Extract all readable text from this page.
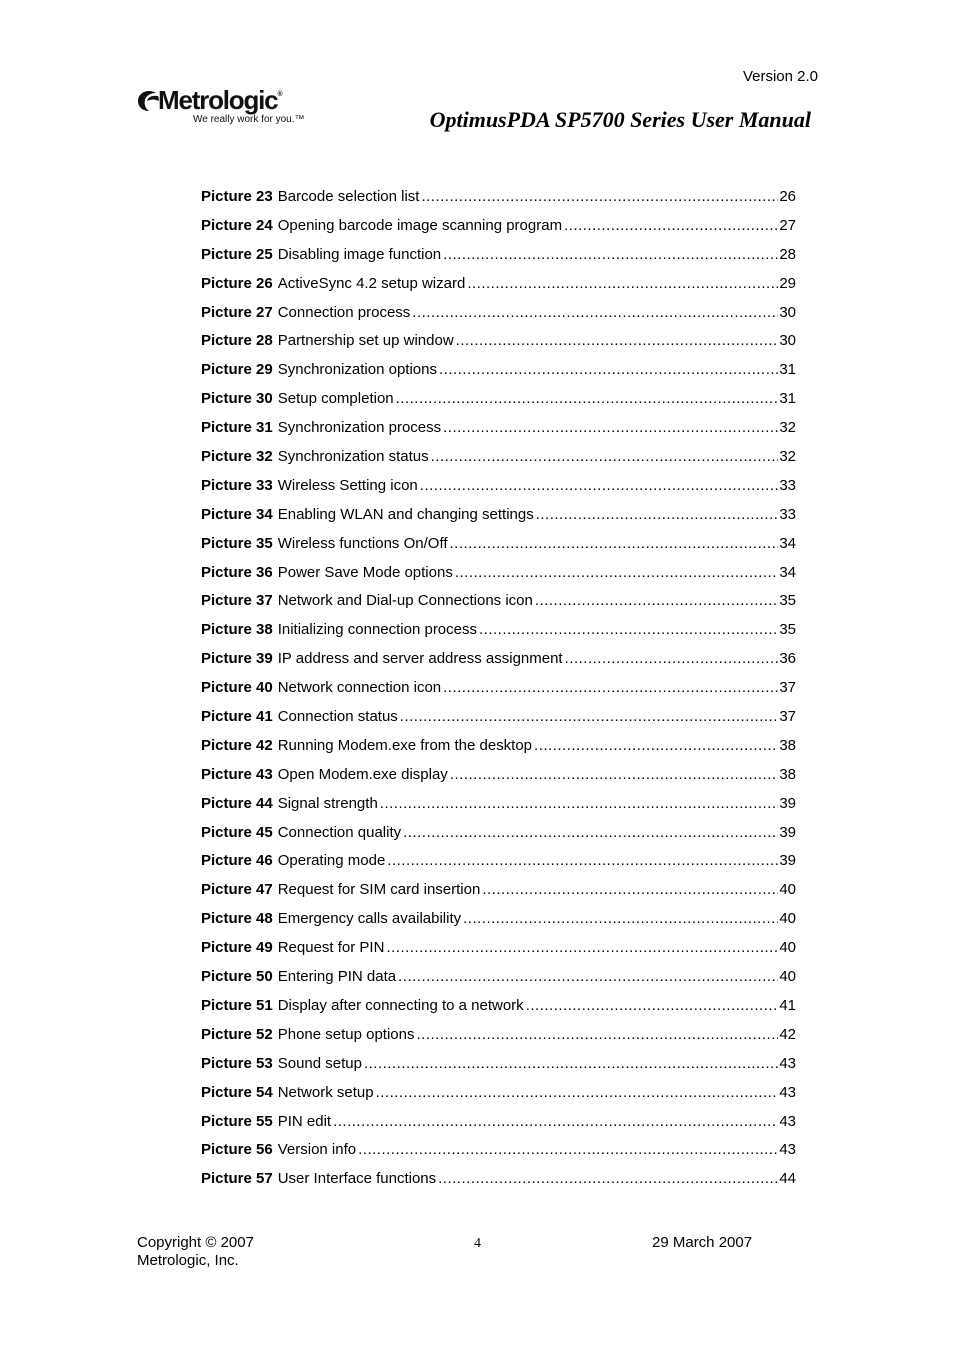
Version 2.0
Metrologic®
We really work for you.™	OptimusPDA SP5700 Series User Manual
Picture 23 Barcode selection list .....	26
Picture 24 Opening barcode image scanning program .....	27
Picture 25 Disabling image function .....	28
Picture 26 ActiveSync 4.2 setup wizard .....	29
Picture 27 Connection process .....	30
Picture 28 Partnership set up window .....	30
Picture 29 Synchronization options .....	31
Picture 30 Setup completion .....	31
Picture 31 Synchronization process .....	32
Picture 32 Synchronization status .....	32
Picture 33 Wireless Setting icon .....	33
Picture 34 Enabling WLAN and changing settings .....	33
Picture 35 Wireless functions On/Off .....	34
Picture 36 Power Save Mode options .....	34
Picture 37 Network and Dial-up Connections icon .....	35
Picture 38 Initializing connection process .....	35
Picture 39 IP address and server address assignment .....	36
Picture 40 Network connection icon .....	37
Picture 41 Connection status .....	37
Picture 42 Running Modem.exe from the desktop .....	38
Picture 43 Open Modem.exe display .....	38
Picture 44 Signal strength .....	39
Picture 45 Connection quality .....	39
Picture 46 Operating mode .....	39
Picture 47 Request for SIM card insertion .....	40
Picture 48 Emergency calls availability .....	40
Picture 49 Request for PIN .....	40
Picture 50 Entering PIN data .....	40
Picture 51 Display after connecting to a network .....	41
Picture 52 Phone setup options .....	42
Picture 53 Sound setup .....	43
Picture 54 Network setup .....	43
Picture 55 PIN edit .....	43
Picture 56 Version info .....	43
Picture 57 User Interface functions .....	44
Copyright © 2007
Metrologic, Inc.
4	29 March 2007
